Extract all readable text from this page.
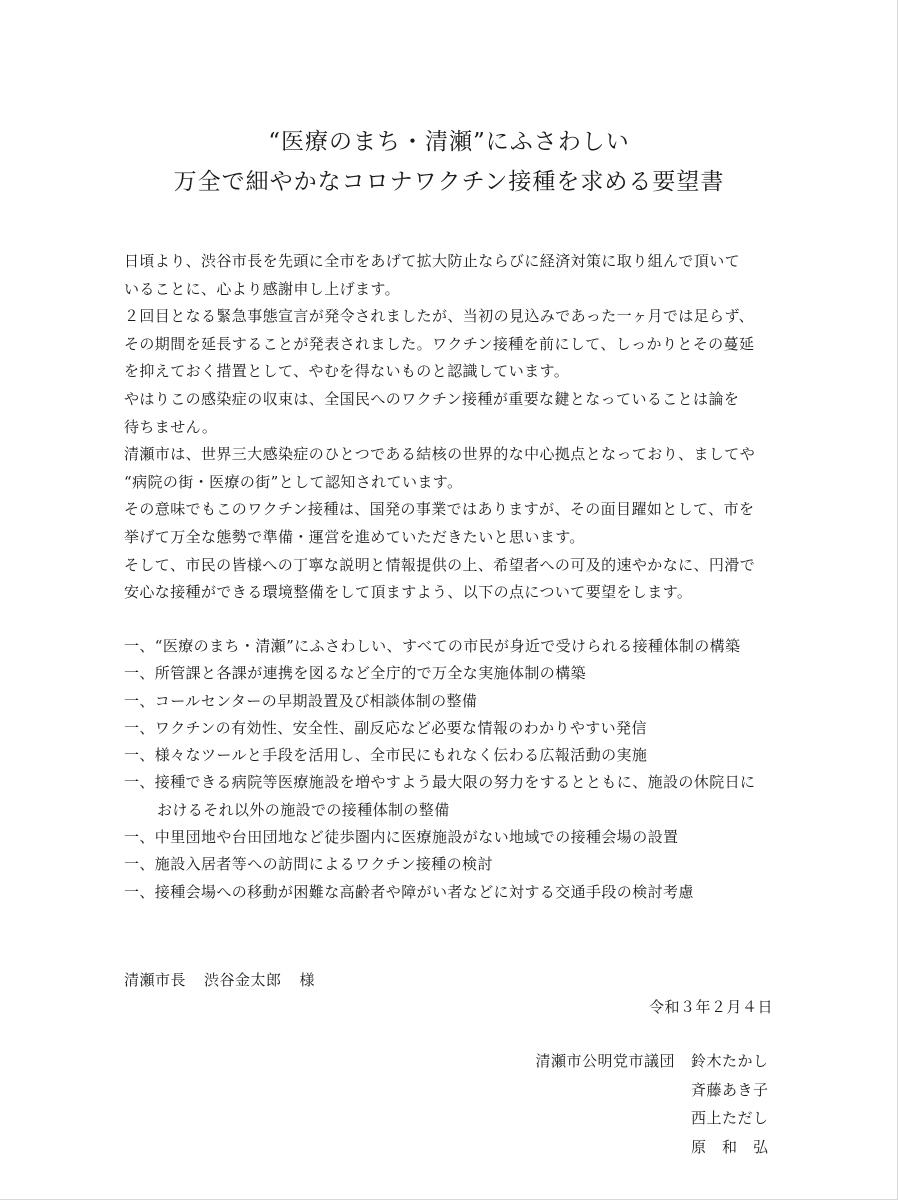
“医療のまち・清瀬”にふさわしい
万全で細やかなコロナワクチン接種を求める要望書

日頃より、渋谷市長を先頭に全市をあげて拡大防止ならびに経済対策に取り組んで頂いて

いることに、心より感謝申し上げます。

２回目となる緊急事態宣言が発令されましたが、当初の見込みであった一ヶ月では足らず、

その期間を延長することが発表されました。ワクチン接種を前にして、しっかりとその蔓延

を抑えておく措置として、やむを得ないものと認識しています。

やはりこの感染症の収束は、全国民へのワクチン接種が重要な鍵となっていることは論を

待ちません。

清瀬市は、世界三大感染症のひとつである結核の世界的な中心拠点となっており、ましてや

“病院の街・医療の街”として認知されています。

その意味でもこのワクチン接種は、国発の事業ではありますが、その面目躍如として、市を

挙げて万全な態勢で準備・運営を進めていただきたいと思います。

そして、市民の皆様への丁寧な説明と情報提供の上、希望者への可及的速やかなに、円滑で

安心な接種ができる環境整備をして頂ますよう、以下の点について要望をします。

一、“医療のまち・清瀬”にふさわしい、すべての市民が身近で受けられる接種体制の構築

一、所管課と各課が連携を図るなど全庁的で万全な実施体制の構築

一、コールセンターの早期設置及び相談体制の整備

一、ワクチンの有効性、安全性、副反応など必要な情報のわかりやすい発信

一、様々なツールと手段を活用し、全市民にもれなく伝わる広報活動の実施

一、接種できる病院等医療施設を増やすよう最大限の努力をするとともに、施設の休院日に

おけるそれ以外の施設での接種体制の整備

一、中里団地や台田団地など徒歩圏内に医療施設がない地域での接種会場の設置

一、施設入居者等への訪問によるワクチン接種の検討

一、接種会場への移動が困難な高齢者や障がい者などに対する交通手段の検討考慮

清瀬市長 渋谷金太郎 様
令和３年２月４日
清瀬市公明党市議団 鈴木たかし
斉藤あき子
西上ただし
原　和　弘
